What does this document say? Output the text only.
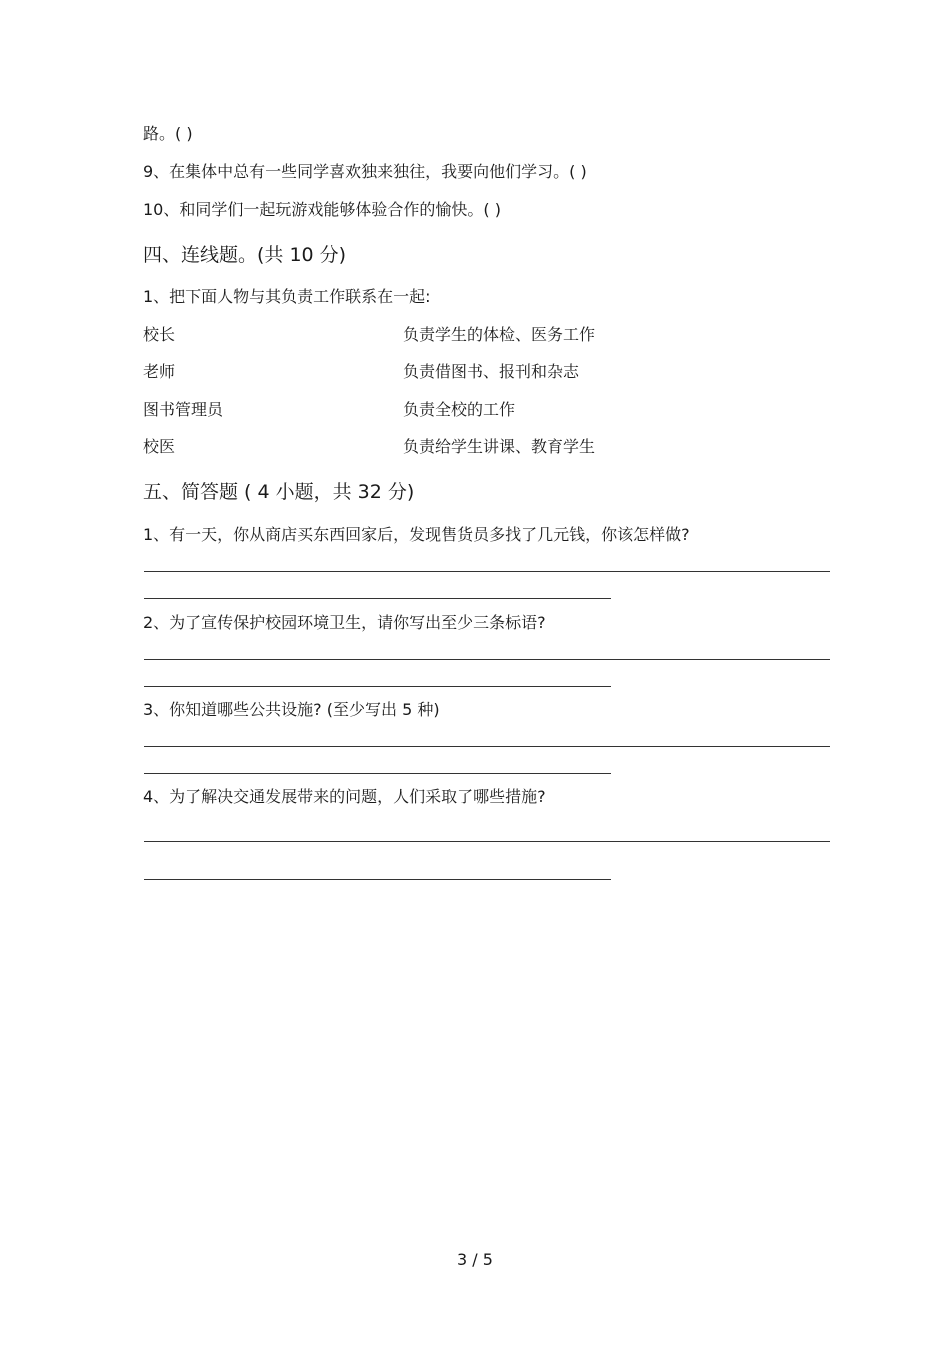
路。( )
9、在集体中总有一些同学喜欢独来独往，我要向他们学习。( )
10、和同学们一起玩游戏能够体验合作的愉快。( )
四、连线题。(共 10 分)
1、把下面人物与其负责工作联系在一起:
校长	负责学生的体检、医务工作
老师	负责借图书、报刊和杂志
图书管理员	负责全校的工作
校医	负责给学生讲课、教育学生
五、简答题 ( 4 小题，共 32 分)
1、有一天，你从商店买东西回家后，发现售货员多找了几元钱，你该怎样做?
2、为了宣传保护校园环境卫生，请你写出至少三条标语?
3、你知道哪些公共设施? (至少写出 5 种)
4、为了解决交通发展带来的问题，人们采取了哪些措施?
3 / 5
